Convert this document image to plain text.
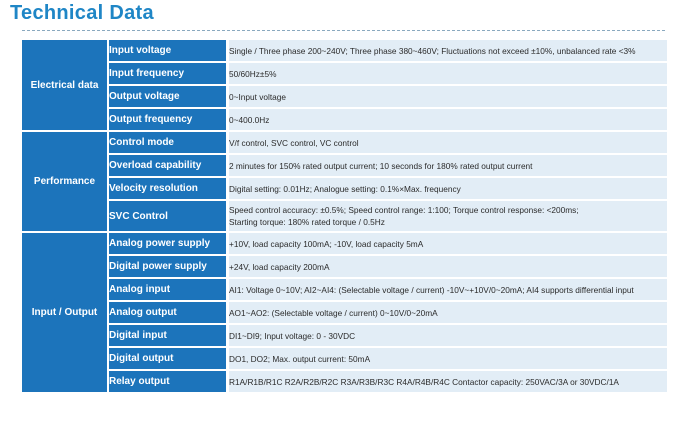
Technical Data
Electrical data		Input voltage		Single / Three phase 200~240V; Three phase 380~460V; Fluctuations not exceed ±10%, unbalanced rate <3%
		Input frequency		50/60Hz±5%
		Output voltage		0~Input voltage
		Output frequency		0~400.0Hz
Performance		Control mode		V/f control, SVC control, VC control
		Overload capability		2 minutes for 150% rated output current; 10 seconds for 180% rated output current
		Velocity resolution		Digital setting: 0.01Hz; Analogue setting: 0.1%×Max. frequency
		SVC Control		Speed control accuracy: ±0.5%; Speed control range: 1:100; Torque control response: <200ms;
Starting torque: 180% rated torque / 0.5Hz

Input / Output		Analog power supply		+10V, load capacity 100mA; -10V, load capacity 5mA
		Digital power supply		+24V, load capacity 200mA
		Analog input		AI1: Voltage 0~10V; AI2~AI4: (Selectable voltage / current) -10V~+10V/0~20mA; AI4 supports differential input
		Analog output		AO1~AO2: (Selectable voltage / current) 0~10V/0~20mA
		Digital input		DI1~DI9; Input voltage: 0 - 30VDC
		Digital output		DO1, DO2; Max. output current: 50mA
		Relay output		R1A/R1B/R1C R2A/R2B/R2C R3A/R3B/R3C R4A/R4B/R4C Contactor capacity: 250VAC/3A or 30VDC/1A
